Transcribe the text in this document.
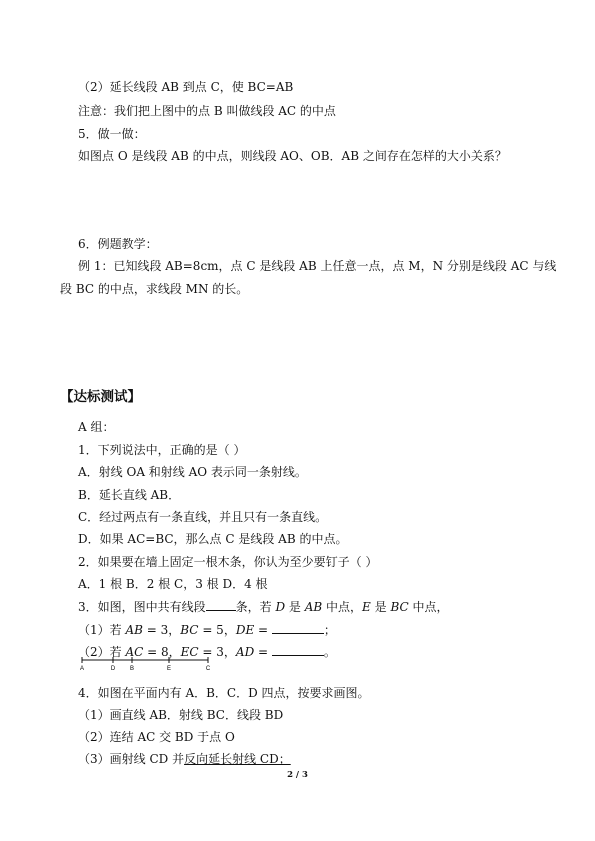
（2）延长线段 AB 到点 C，使 BC=AB
注意：我们把上图中的点 B 叫做线段 AC 的中点
5．做一做：
如图点 O 是线段 AB 的中点，则线段 AO、OB．AB 之间存在怎样的大小关系？
6．例题教学：
例 1：已知线段 AB=8cm，点 C 是线段 AB 上任意一点，点 M，N 分别是线段 AC 与线
段 BC 的中点，求线段 MN 的长。
【达标测试】
A 组：
1．下列说法中，正确的是（ ）
A．射线 OA 和射线 AO 表示同一条射线。
B．延长直线 AB．
C．经过两点有一条直线，并且只有一条直线。
D．如果 AC=BC，那么点 C 是线段 AB 的中点。
2．如果要在墙上固定一根木条，你认为至少要钉子（ ）
A．1 根 B．2 根 C，3 根 D．4 根
3．如图，图中共有线段	条，若 D 是 AB 中点，E 是 BC 中点，
（1）若 AB = 3，BC = 5，DE =	；
（2）若 AC = 8，EC = 3，AD =	。
A	D B	E	C
4．如图在平面内有 A．B．C．D 四点，按要求画图。
（1）画直线 AB．射线 BC．线段 BD
（2）连结 AC 交 BD 于点 O
（3）画射线 CD 并反向延长射线 CD；
2 / 3
